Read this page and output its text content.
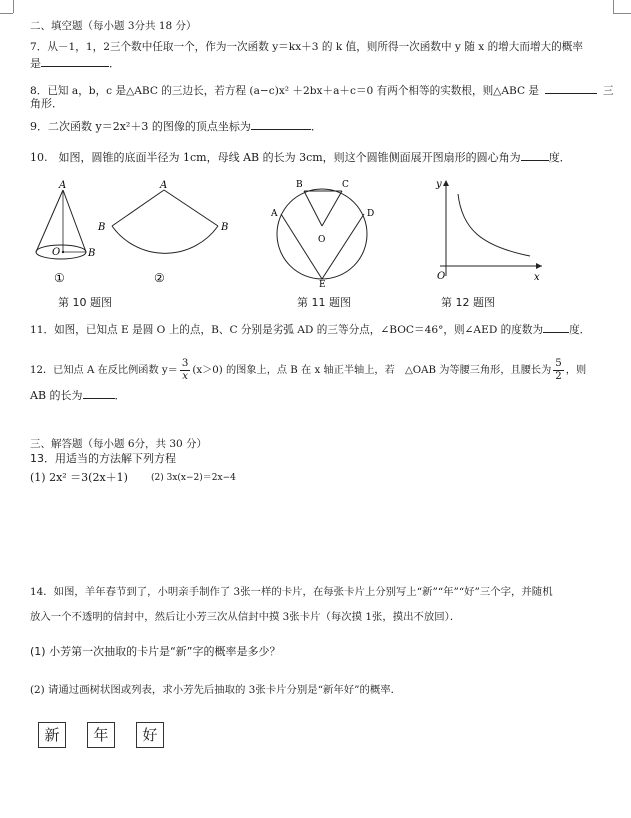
二、填空题（每小题 3分共 18 分）
7．从－1，1，2三个数中任取一个，作为一次函数 y＝kx＋3 的 k 值，则所得一次函数中 y 随 x 的增大而增大的概率
是	．
8．已知 a，b，c 是△ABC 的三边长，若方程 (a−c)x² ＋2bx＋a＋c＝0 有两个相等的实数根，则△ABC 是	三
角形．
9．二次函数 y＝2x²＋3 的图像的顶点坐标为	．
10.　如图，圆锥的底面半径为 1cm，母线 AB 的长为 3cm，则这个圆锥侧面展开图扇形的圆心角为	度．
A
B
O
①
A
B	B
②
B	C
A	D
O
E
y
x
O
第 10 题图	第 11 题图	第 12 题图
11．如图，已知点 E 是圆 O 上的点，B、C 分别是劣弧 AD 的三等分点，∠BOC＝46°，则∠AED 的度数为 度．
12．已知点 A 在反比例函数 $y= \frac{3}{x} (x>0)$ 的图象上，点 B 在 x 轴正半轴上，若　△OAB 为等腰三角形，且腰长为 $\frac{5}{2}$ ，则
AB 的长为	．
三、解答题（每小题 6分，共 30 分）
13．用适当的方法解下列方程
(1) 2x² ＝3(2x＋1)	(2) 3x(x−2)＝2x−4
14．如图，羊年春节到了，小明亲手制作了 3张一样的卡片，在每张卡片上分别写上“新”“年”“好”三个字，并随机
放入一个不透明的信封中，然后让小芳三次从信封中摸 3张卡片（每次摸 1张，摸出不放回）．
(1) 小芳第一次抽取的卡片是“新”字的概率是多少？
(2) 请通过画树状图或列表，求小芳先后抽取的 3张卡片分别是“新年好”的概率．
新	年	好
